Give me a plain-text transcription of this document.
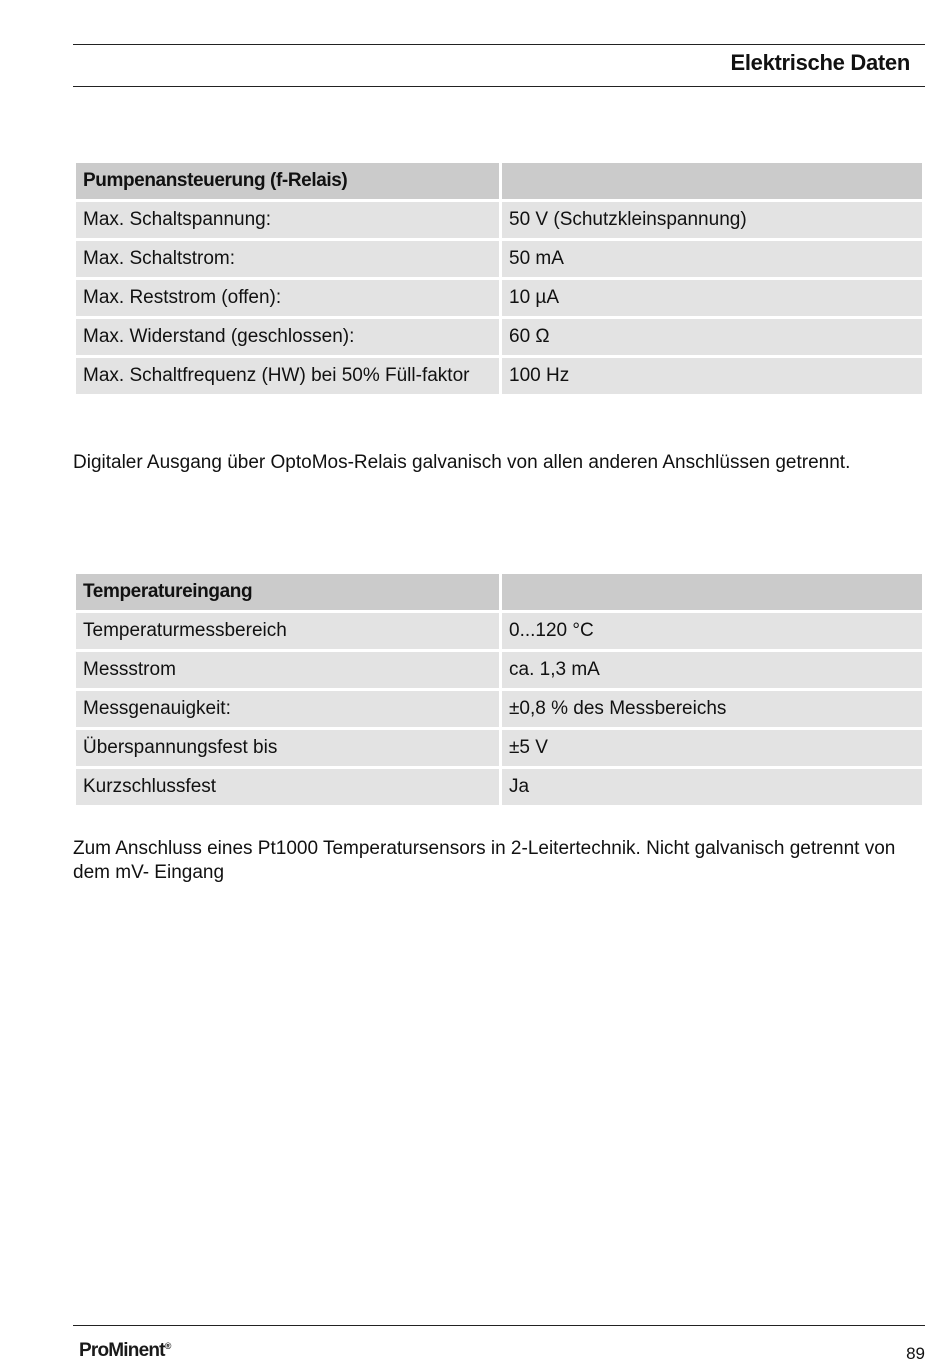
Elektrische Daten
Pumpenansteuerung (f-Relais)	
Max. Schaltspannung:	50 V (Schutzkleinspannung)
Max. Schaltstrom:	50 mA
Max. Reststrom (offen):	10 µA
Max. Widerstand (geschlossen):	60 Ω
Max. Schaltfrequenz (HW) bei 50% Füll-faktor	100 Hz
Digitaler Ausgang über OptoMos-Relais galvanisch von allen anderen Anschlüssen getrennt.
Temperatureingang	
Temperaturmessbereich	0...120 °C
Messstrom	ca. 1,3 mA
Messgenauigkeit:	±0,8 % des Messbereichs
Überspannungsfest bis	±5 V
Kurzschlussfest	Ja
Zum Anschluss eines Pt1000 Temperatursensors in 2-Leitertechnik. Nicht galvanisch getrennt von dem mV- Eingang
ProMinent®	89
